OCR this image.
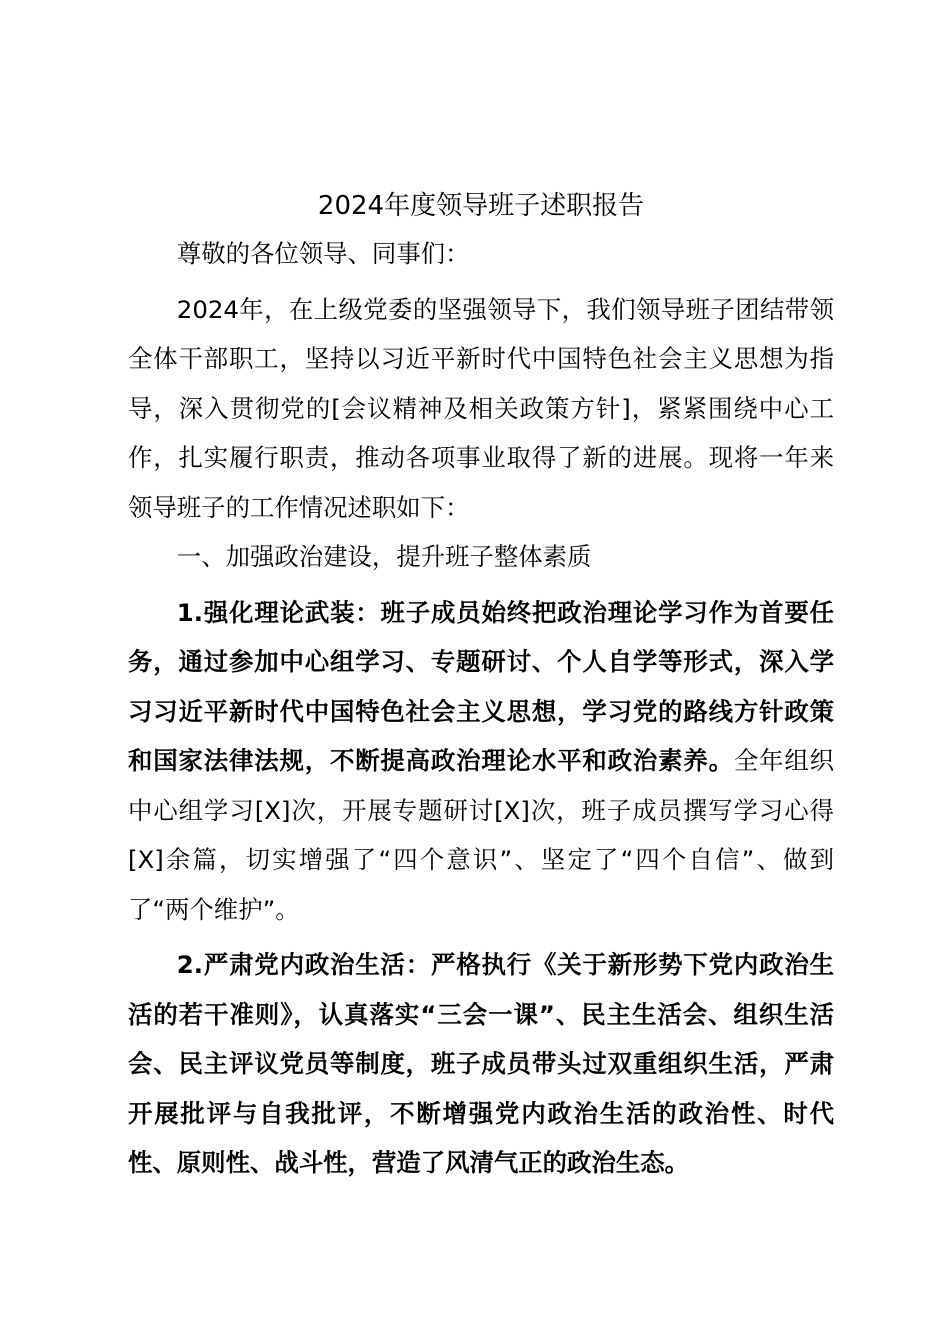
2024年度领导班子述职报告

尊敬的各位领导、同事们：

2024年，在上级党委的坚强领导下，我们领导班子团结带领全体干部职工，坚持以习近平新时代中国特色社会主义思想为指导，深入贯彻党的[会议精神及相关政策方针]，紧紧围绕中心工作，扎实履行职责，推动各项事业取得了新的进展。现将一年来领导班子的工作情况述职如下：

一、加强政治建设，提升班子整体素质

1.强化理论武装：班子成员始终把政治理论学习作为首要任务，通过参加中心组学习、专题研讨、个人自学等形式，深入学习习近平新时代中国特色社会主义思想，学习党的路线方针政策和国家法律法规，不断提高政治理论水平和政治素养。全年组织中心组学习[X]次，开展专题研讨[X]次，班子成员撰写学习心得[X]余篇，切实增强了“四个意识”、坚定了“四个自信”、做到了“两个维护”。

2.严肃党内政治生活：严格执行《关于新形势下党内政治生活的若干准则》，认真落实“三会一课”、民主生活会、组织生活会、民主评议党员等制度，班子成员带头过双重组织生活，严肃开展批评与自我批评，不断增强党内政治生活的政治性、时代性、原则性、战斗性，营造了风清气正的政治生态。
